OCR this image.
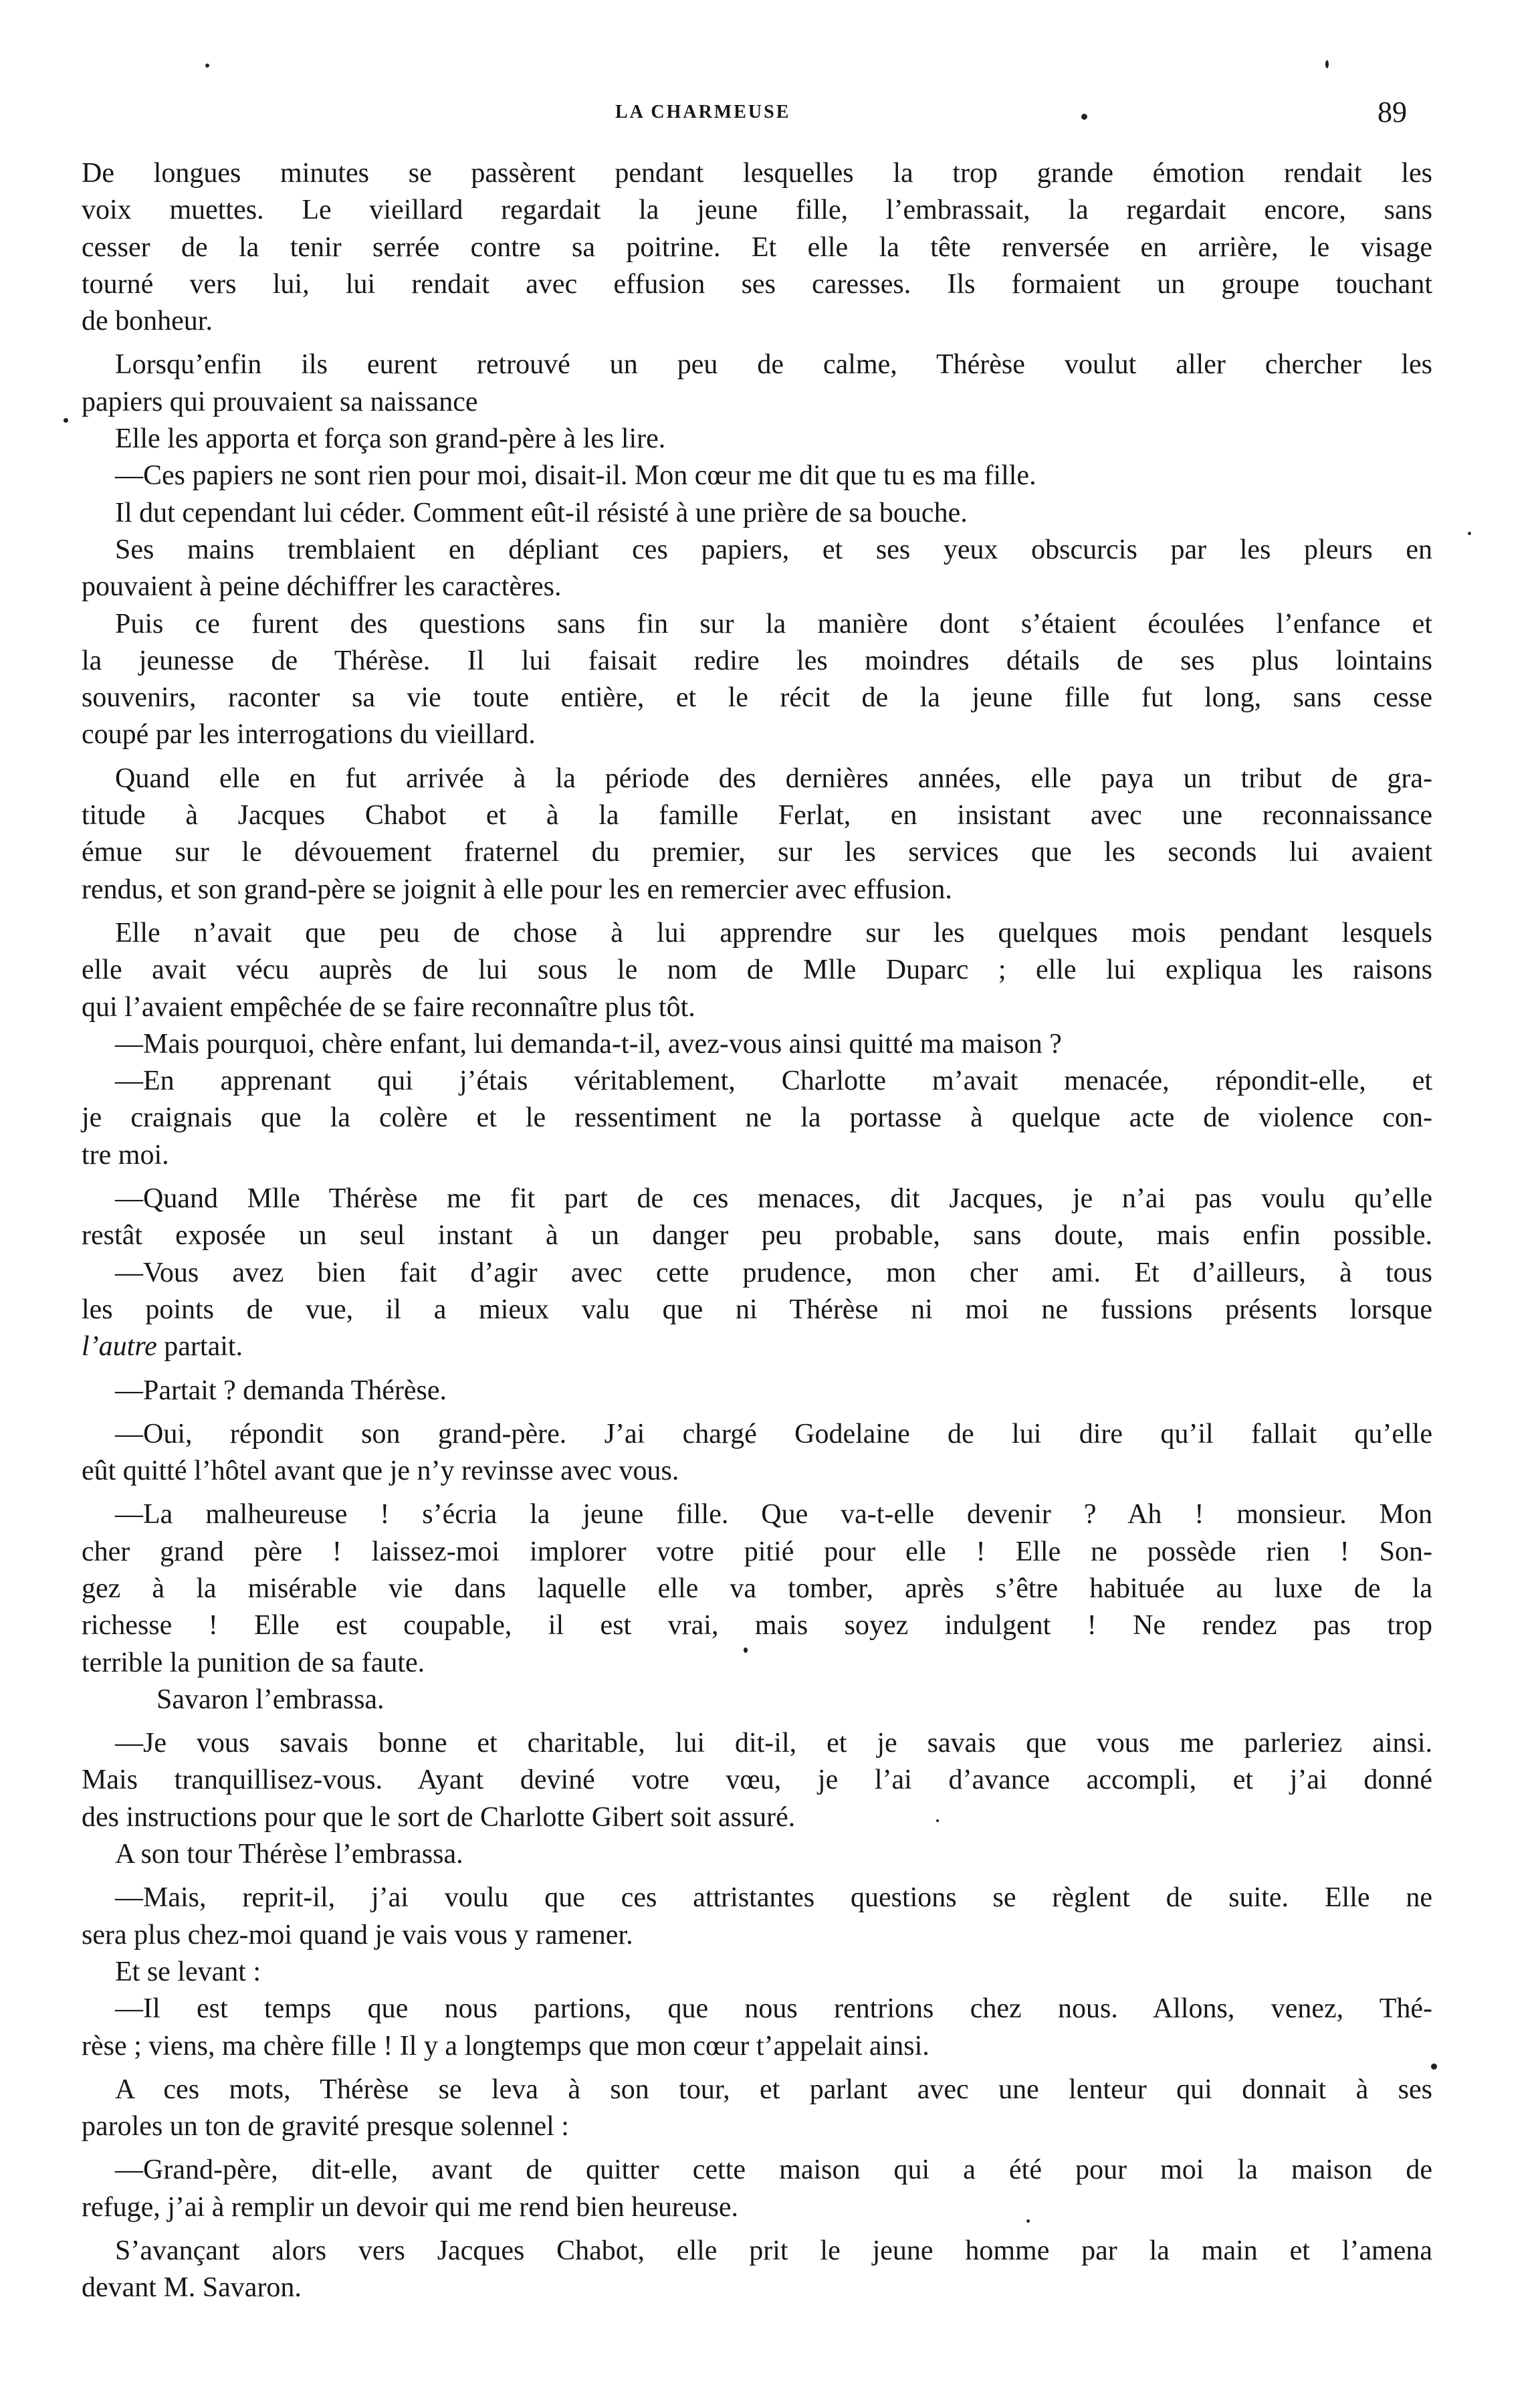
LA CHARMEUSE	89
De longues minutes se passèrent pendant lesquelles la trop grande émotion rendait les
voix muettes. Le vieillard regardait la jeune fille, l’embrassait, la regardait encore, sans
cesser de la tenir serrée contre sa poitrine. Et elle la tête renversée en arrière, le visage
tourné vers lui, lui rendait avec effusion ses caresses. Ils formaient un groupe touchant
de bonheur.
Lorsqu’enfin ils eurent retrouvé un peu de calme, Thérèse voulut aller chercher les
papiers qui prouvaient sa naissance
Elle les apporta et força son grand-père à les lire.
—Ces papiers ne sont rien pour moi, disait-il. Mon cœur me dit que tu es ma fille.
Il dut cependant lui céder. Comment eût-il résisté à une prière de sa bouche.
Ses mains tremblaient en dépliant ces papiers, et ses yeux obscurcis par les pleurs en
pouvaient à peine déchiffrer les caractères.
Puis ce furent des questions sans fin sur la manière dont s’étaient écoulées l’enfance et
la jeunesse de Thérèse. Il lui faisait redire les moindres détails de ses plus lointains
souvenirs, raconter sa vie toute entière, et le récit de la jeune fille fut long, sans cesse
coupé par les interrogations du vieillard.
Quand elle en fut arrivée à la période des dernières années, elle paya un tribut de gra-
titude à Jacques Chabot et à la famille Ferlat, en insistant avec une reconnaissance
émue sur le dévouement fraternel du premier, sur les services que les seconds lui avaient
rendus, et son grand-père se joignit à elle pour les en remercier avec effusion.
Elle n’avait que peu de chose à lui apprendre sur les quelques mois pendant lesquels
elle avait vécu auprès de lui sous le nom de Mlle Duparc ; elle lui expliqua les raisons
qui l’avaient empêchée de se faire reconnaître plus tôt.
—Mais pourquoi, chère enfant, lui demanda-t-il, avez-vous ainsi quitté ma maison ?
—En apprenant qui j’étais véritablement, Charlotte m’avait menacée, répondit-elle, et
je craignais que la colère et le ressentiment ne la portasse à quelque acte de violence con-
tre moi.
—Quand Mlle Thérèse me fit part de ces menaces, dit Jacques, je n’ai pas voulu qu’elle
restât exposée un seul instant à un danger peu probable, sans doute, mais enfin possible.
—Vous avez bien fait d’agir avec cette prudence, mon cher ami. Et d’ailleurs, à tous
les points de vue, il a mieux valu que ni Thérèse ni moi ne fussions présents lorsque
l’autre partait.
—Partait ? demanda Thérèse.
—Oui, répondit son grand-père. J’ai chargé Godelaine de lui dire qu’il fallait qu’elle
eût quitté l’hôtel avant que je n’y revinsse avec vous.
—La malheureuse ! s’écria la jeune fille. Que va-t-elle devenir ? Ah ! monsieur. Mon
cher grand père ! laissez-moi implorer votre pitié pour elle ! Elle ne possède rien ! Son-
gez à la misérable vie dans laquelle elle va tomber, après s’être habituée au luxe de la
richesse ! Elle est coupable, il est vrai, mais soyez indulgent ! Ne rendez pas trop
terrible la punition de sa faute.
Savaron l’embrassa.
—Je vous savais bonne et charitable, lui dit-il, et je savais que vous me parleriez ainsi.
Mais tranquillisez-vous. Ayant deviné votre vœu, je l’ai d’avance accompli, et j’ai donné
des instructions pour que le sort de Charlotte Gibert soit assuré.
A son tour Thérèse l’embrassa.
—Mais, reprit-il, j’ai voulu que ces attristantes questions se règlent de suite. Elle ne
sera plus chez-moi quand je vais vous y ramener.
Et se levant :
—Il est temps que nous partions, que nous rentrions chez nous. Allons, venez, Thé-
rèse ; viens, ma chère fille ! Il y a longtemps que mon cœur t’appelait ainsi.
A ces mots, Thérèse se leva à son tour, et parlant avec une lenteur qui donnait à ses
paroles un ton de gravité presque solennel :
—Grand-père, dit-elle, avant de quitter cette maison qui a été pour moi la maison de
refuge, j’ai à remplir un devoir qui me rend bien heureuse.
S’avançant alors vers Jacques Chabot, elle prit le jeune homme par la main et l’amena
devant M. Savaron.
